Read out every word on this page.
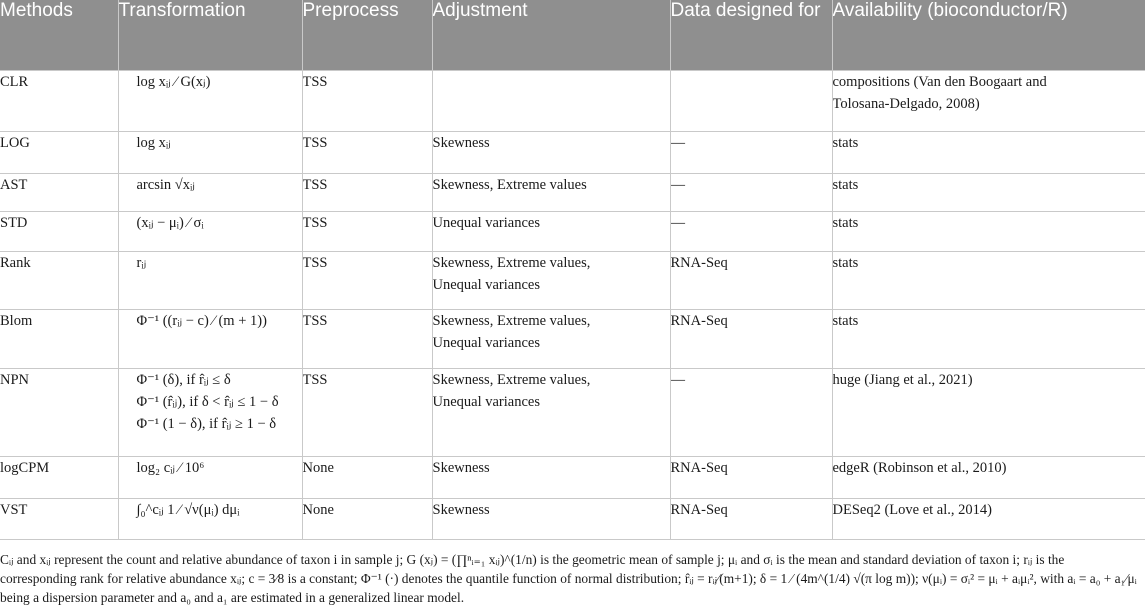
Methods	Transformation	Preprocess	Adjustment	Data designed for	Availability (bioconductor/R)
CLR	log xᵢⱼ ⁄ G(xⱼ)	TSS			compositions (Van den Boogaart and
Tolosana-Delgado, 2008)

LOG	log xᵢⱼ	TSS	Skewness	—	stats

AST	arcsin √xᵢⱼ	TSS	Skewness, Extreme values	—	stats

STD	(xᵢⱼ − μᵢ) ⁄ σᵢ	TSS	Unequal variances	—	stats

Rank	rᵢⱼ	TSS	Skewness, Extreme values,
Unequal variances	RNA-Seq	stats

Blom	Φ⁻¹ ((rᵢⱼ − c) ⁄ (m + 1))	TSS	Skewness, Extreme values,
Unequal variances	RNA-Seq	stats

NPN	Φ⁻¹ (δ), if r̂ᵢⱼ ≤ δ
Φ⁻¹ (r̂ᵢⱼ), if δ < r̂ᵢⱼ ≤ 1 − δ
Φ⁻¹ (1 − δ), if r̂ᵢⱼ ≥ 1 − δ	TSS	Skewness, Extreme values,
Unequal variances	—	huge (Jiang et al., 2021)

logCPM	log₂ cᵢⱼ ⁄ 10⁶	None	Skewness	RNA-Seq	edgeR (Robinson et al., 2010)

VST	∫₀^cᵢⱼ 1 ⁄ √ν(μᵢ) dμᵢ	None	Skewness	RNA-Seq	DESeq2 (Love et al., 2014)

Cᵢⱼ and xᵢⱼ represent the count and relative abundance of taxon i in sample j; G (xⱼ) = (∏ⁿᵢ₌₁ xᵢⱼ)^(1/n) is the geometric mean of sample j; μᵢ and σᵢ is the mean and standard deviation of taxon i; rᵢⱼ is the
corresponding rank for relative abundance xᵢⱼ; c = 3⁄8 is a constant; Φ⁻¹ (·) denotes the quantile function of normal distribution; r̂ᵢⱼ = rᵢⱼ⁄(m+1); δ = 1 ⁄ (4m^(1/4) √(π log m)); ν(μᵢ) = σᵢ² = μᵢ + aᵢμᵢ², with aᵢ = a₀ + a₁⁄μᵢ
being a dispersion parameter and a₀ and a₁ are estimated in a generalized linear model.
